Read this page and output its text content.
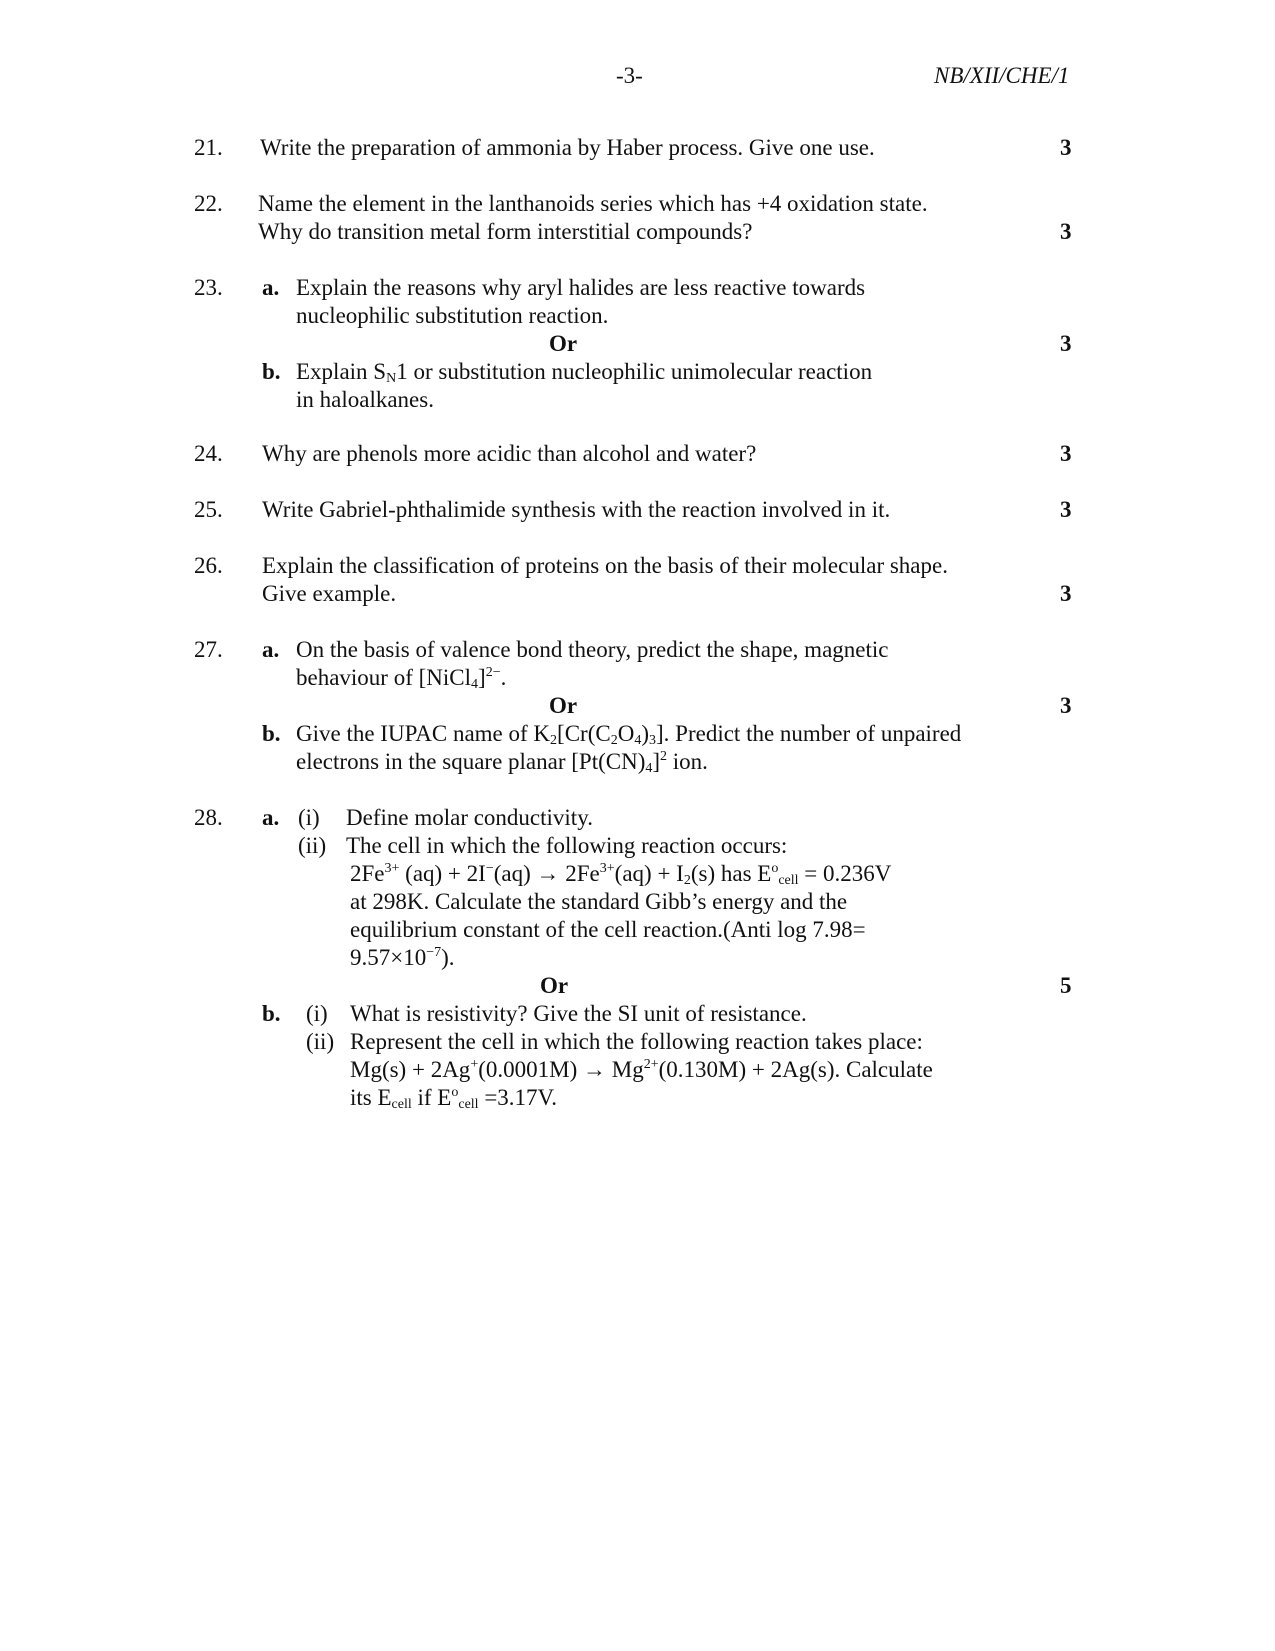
-3-	NB/XII/CHE/1
21. Write the preparation of ammonia by Haber process. Give one use.	3
22. Name the element in the lanthanoids series which has +4 oxidation state.
Why do transition metal form interstitial compounds?	3
23. a. Explain the reasons why aryl halides are less reactive towards
nucleophilic substitution reaction.
Or	3
b. Explain $S_N1$ or substitution nucleophilic unimolecular reaction
in haloalkanes.
24. Why are phenols more acidic than alcohol and water?	3
25. Write Gabriel-phthalimide synthesis with the reaction involved in it.	3
26. Explain the classification of proteins on the basis of their molecular shape.
Give example.	3
27. a. On the basis of valence bond theory, predict the shape, magnetic
behaviour of [NiCl$_4$]$^{2-}$.
Or	3
b. Give the IUPAC name of $K_2[Cr(C_2O_4)_3]$. Predict the number of unpaired
electrons in the square planar $[Pt(CN)_4]^2$ ion.
28. a. (i) Define molar conductivity.
(ii) The cell in which the following reaction occurs:
$2Fe^{3+}$ $(aq) + 2I^-(aq) \to 2Fe^{3+}(aq) + I_2(s)$ has $E^o_{cell} = 0.236V$
at 298K. Calculate the standard Gibb’s energy and the
equilibrium constant of the cell reaction.(Anti log 7.98=
$9.57\times 10^{-7}$).
Or	5
b. (i) What is resistivity? Give the SI unit of resistance.
(ii) Represent the cell in which the following reaction takes place:
$Mg(s) + 2Ag^+(0.0001M) \to Mg^{2+}(0.130M) + 2Ag(s)$. Calculate
its $E_{cell}$ if $E^o_{cell} =3.17V$.
